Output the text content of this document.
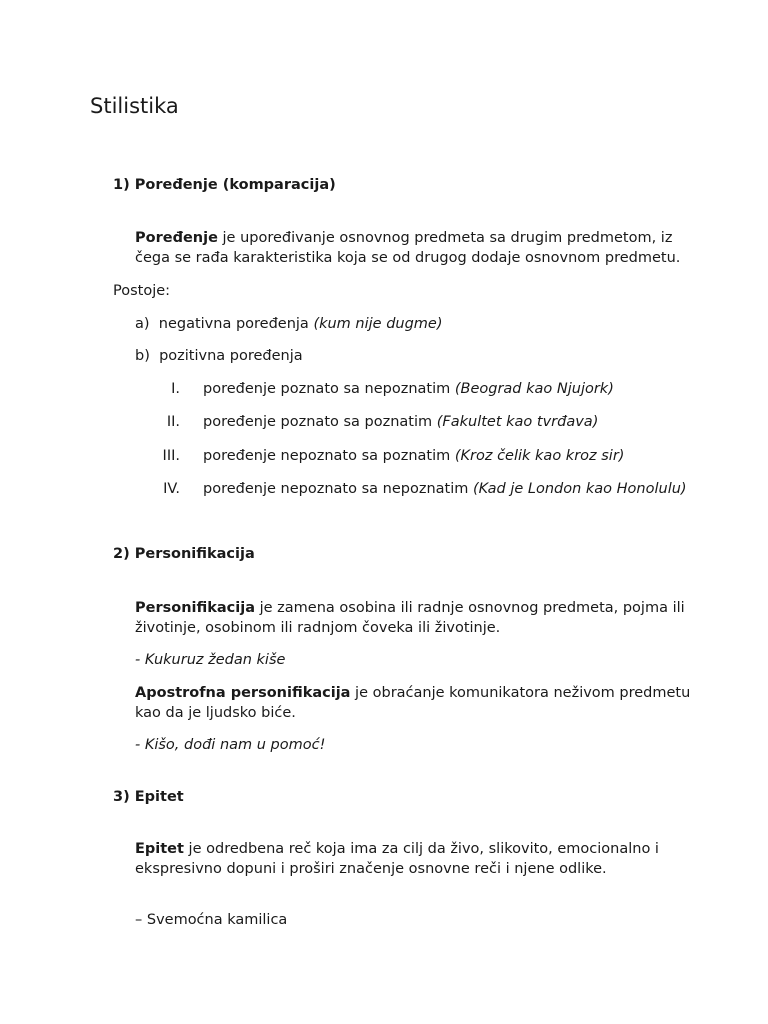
Stilistika
1) Poređenje (komparacija)
Poređenje je upoređivanje osnovnog predmeta sa drugim predmetom, iz
čega se rađa karakteristika koja se od drugog dodaje osnovnom predmetu.
Postoje:
a) negativna poređenja (kum nije dugme)
b) pozitivna poređenja
I. poređenje poznato sa nepoznatim (Beograd kao Njujork)
II. poređenje poznato sa poznatim (Fakultet kao tvrđava)
III. poređenje nepoznato sa poznatim (Kroz čelik kao kroz sir)
IV. poređenje nepoznato sa nepoznatim (Kad je London kao Honolulu)
2) Personifikacija
Personifikacija je zamena osobina ili radnje osnovnog predmeta, pojma ili
životinje, osobinom ili radnjom čoveka ili životinje.
- Kukuruz žedan kiše
Apostrofna personifikacija je obraćanje komunikatora neživom predmetu
kao da je ljudsko biće.
- Kišo, dođi nam u pomoć!
3) Epitet
Epitet je odredbena reč koja ima za cilj da živo, slikovito, emocionalno i
ekspresivno dopuni i proširi značenje osnovne reči i njene odlike.
– Svemoćna kamilica
